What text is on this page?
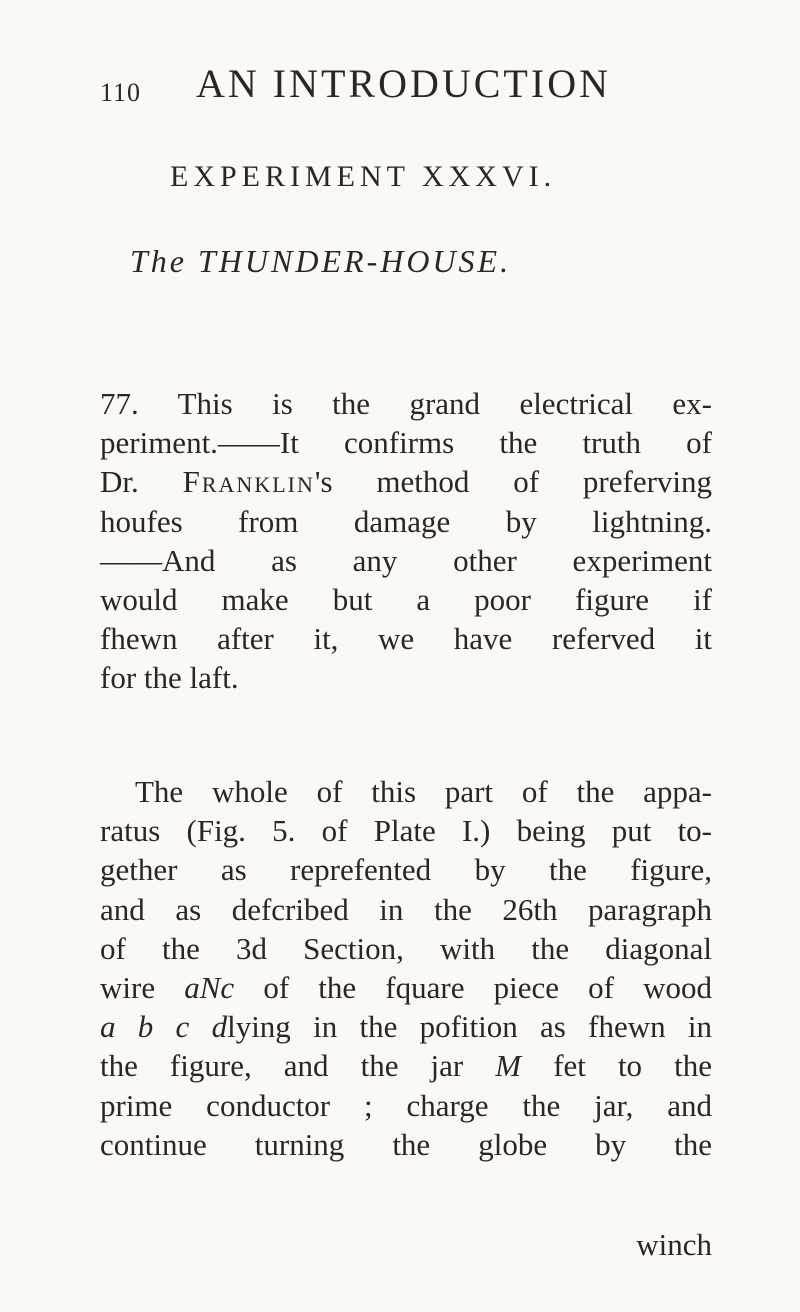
110 AN INTRODUCTION
EXPERIMENT XXXVI.
The THUNDER-HOUSE.
77. This is the grand electrical ex-
periment.——It confirms the truth of
Dr. Franklin's method of preferving
houfes from damage by lightning.
——And as any other experiment
would make but a poor figure if
fhewn after it, we have referved it
for the laft.
The whole of this part of the appa-
ratus (Fig. 5. of Plate I.) being put to-
gether as reprefented by the figure,
and as defcribed in the 26th paragraph
of the 3d Section, with the diagonal
wire aNc of the fquare piece of wood
a b c dlying in the pofition as fhewn in
the figure, and the jar M fet to the
prime conductor ; charge the jar, and
continue turning the globe by the
winch
